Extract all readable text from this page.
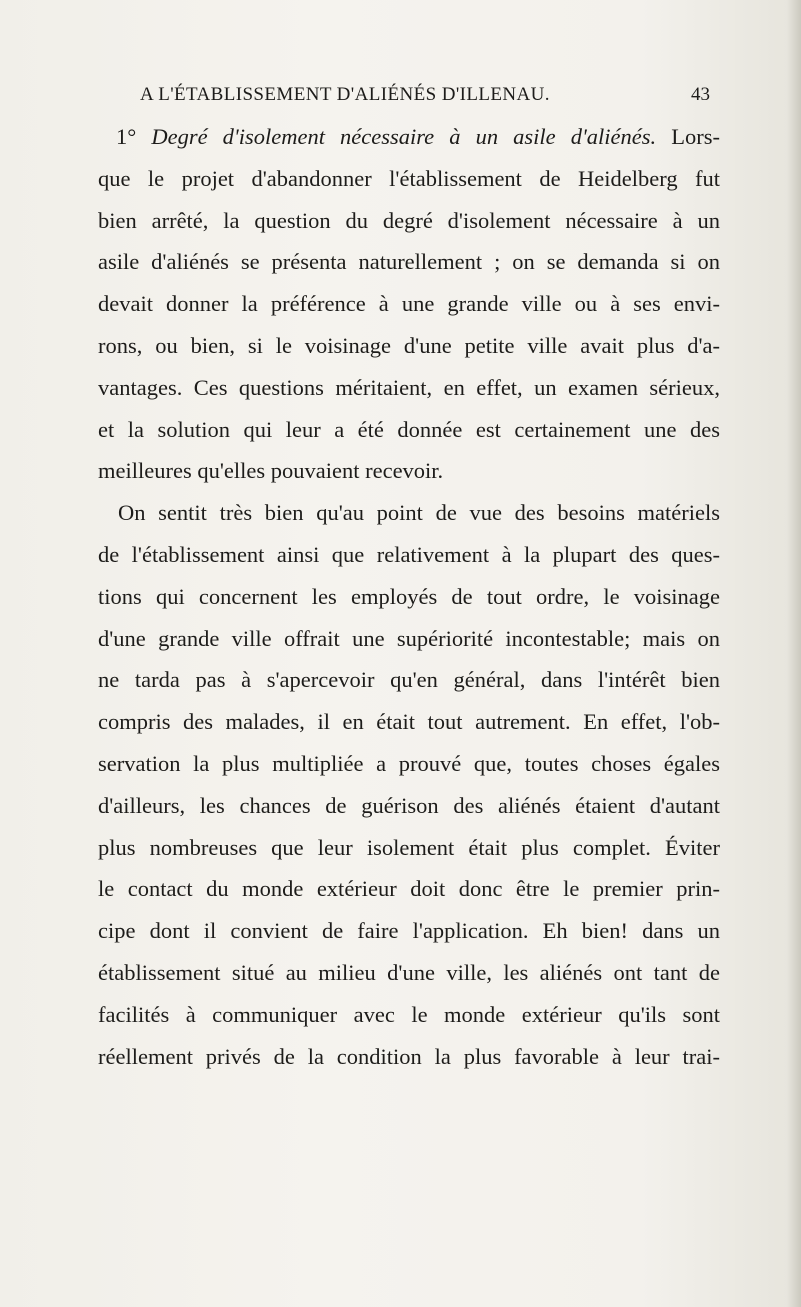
A L'ÉTABLISSEMENT D'ALIÉNÉS D'ILLENAU.	43
1° Degré d'isolement nécessaire à un asile d'aliénés. Lors-
que le projet d'abandonner l'établissement de Heidelberg fut
bien arrêté, la question du degré d'isolement nécessaire à un
asile d'aliénés se présenta naturellement ; on se demanda si on
devait donner la préférence à une grande ville ou à ses envi-
rons, ou bien, si le voisinage d'une petite ville avait plus d'a-
vantages. Ces questions méritaient, en effet, un examen sérieux,
et la solution qui leur a été donnée est certainement une des
meilleures qu'elles pouvaient recevoir.
On sentit très bien qu'au point de vue des besoins matériels
de l'établissement ainsi que relativement à la plupart des ques-
tions qui concernent les employés de tout ordre, le voisinage
d'une grande ville offrait une supériorité incontestable; mais on
ne tarda pas à s'apercevoir qu'en général, dans l'intérêt bien
compris des malades, il en était tout autrement. En effet, l'ob-
servation la plus multipliée a prouvé que, toutes choses égales
d'ailleurs, les chances de guérison des aliénés étaient d'autant
plus nombreuses que leur isolement était plus complet. Éviter
le contact du monde extérieur doit donc être le premier prin-
cipe dont il convient de faire l'application. Eh bien! dans un
établissement situé au milieu d'une ville, les aliénés ont tant de
facilités à communiquer avec le monde extérieur qu'ils sont
réellement privés de la condition la plus favorable à leur trai-
